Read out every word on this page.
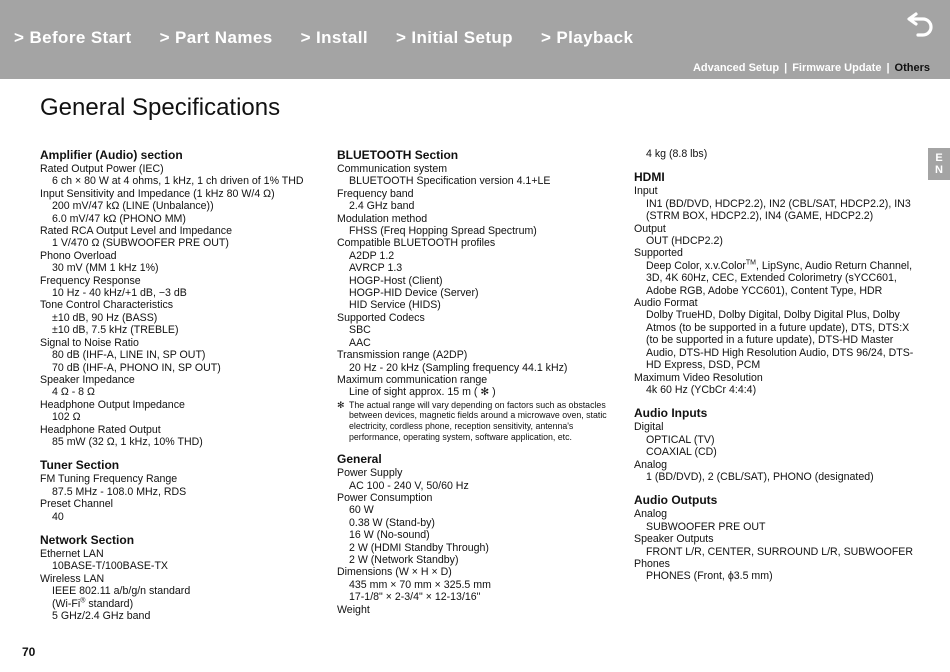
> Before Start > Part Names > Install > Initial Setup > Playback
Advanced Setup | Firmware Update | Others
General Specifications
E
N
Amplifier (Audio) section
Rated Output Power (IEC)
6 ch × 80 W at 4 ohms, 1 kHz, 1 ch driven of 1% THD
Input Sensitivity and Impedance (1 kHz 80 W/4 Ω)
200 mV/47 kΩ (LINE (Unbalance))
6.0 mV/47 kΩ (PHONO MM)
Rated RCA Output Level and Impedance
1 V/470 Ω (SUBWOOFER PRE OUT)
Phono Overload
30 mV (MM 1 kHz 1%)
Frequency Response
10 Hz - 40 kHz/+1 dB, −3 dB
Tone Control Characteristics
±10 dB, 90 Hz (BASS)
±10 dB, 7.5 kHz (TREBLE)
Signal to Noise Ratio
80 dB (IHF-A, LINE IN, SP OUT)
70 dB (IHF-A, PHONO IN, SP OUT)
Speaker Impedance
4 Ω - 8 Ω
Headphone Output Impedance
102 Ω
Headphone Rated Output
85 mW (32 Ω, 1 kHz, 10% THD)
Tuner Section
FM Tuning Frequency Range
87.5 MHz - 108.0 MHz, RDS
Preset Channel
40
Network Section
Ethernet LAN
10BASE-T/100BASE-TX
Wireless LAN
IEEE 802.11 a/b/g/n standard
(Wi-Fi® standard)
5 GHz/2.4 GHz band
BLUETOOTH Section
Communication system
BLUETOOTH Specification version 4.1+LE
Frequency band
2.4 GHz band
Modulation method
FHSS (Freq Hopping Spread Spectrum)
Compatible BLUETOOTH profiles
A2DP 1.2
AVRCP 1.3
HOGP-Host (Client)
HOGP-HID Device (Server)
HID Service (HIDS)
Supported Codecs
SBC
AAC
Transmission range (A2DP)
20 Hz - 20 kHz (Sampling frequency 44.1 kHz)
Maximum communication range
Line of sight approx. 15 m ( ✻ )
✻ The actual range will vary depending on factors such as obstacles between devices, magnetic fields around a microwave oven, static electricity, cordless phone, reception sensitivity, antenna's performance, operating system, software application, etc.
General
Power Supply
AC 100 - 240 V, 50/60 Hz
Power Consumption
60 W
0.38 W (Stand-by)
16 W (No-sound)
2 W (HDMI Standby Through)
2 W (Network Standby)
Dimensions (W × H × D)
435 mm × 70 mm × 325.5 mm
17-1/8" × 2-3/4" × 12-13/16"
Weight
4 kg (8.8 lbs)
HDMI
Input
IN1 (BD/DVD, HDCP2.2), IN2 (CBL/SAT, HDCP2.2), IN3
(STRM BOX, HDCP2.2), IN4 (GAME, HDCP2.2)
Output
OUT (HDCP2.2)
Supported
Deep Color, x.v.Color™, LipSync, Audio Return Channel,
3D, 4K 60Hz, CEC, Extended Colorimetry (sYCC601,
Adobe RGB, Adobe YCC601), Content Type, HDR
Audio Format
Dolby TrueHD, Dolby Digital, Dolby Digital Plus, Dolby
Atmos (to be supported in a future update), DTS, DTS:X
(to be supported in a future update), DTS-HD Master
Audio, DTS-HD High Resolution Audio, DTS 96/24, DTS-
HD Express, DSD, PCM
Maximum Video Resolution
4k 60 Hz (YCbCr 4:4:4)
Audio Inputs
Digital
OPTICAL (TV)
COAXIAL (CD)
Analog
1 (BD/DVD), 2 (CBL/SAT), PHONO (designated)
Audio Outputs
Analog
SUBWOOFER PRE OUT
Speaker Outputs
FRONT L/R, CENTER, SURROUND L/R, SUBWOOFER
Phones
PHONES (Front, ϕ3.5 mm)
70
